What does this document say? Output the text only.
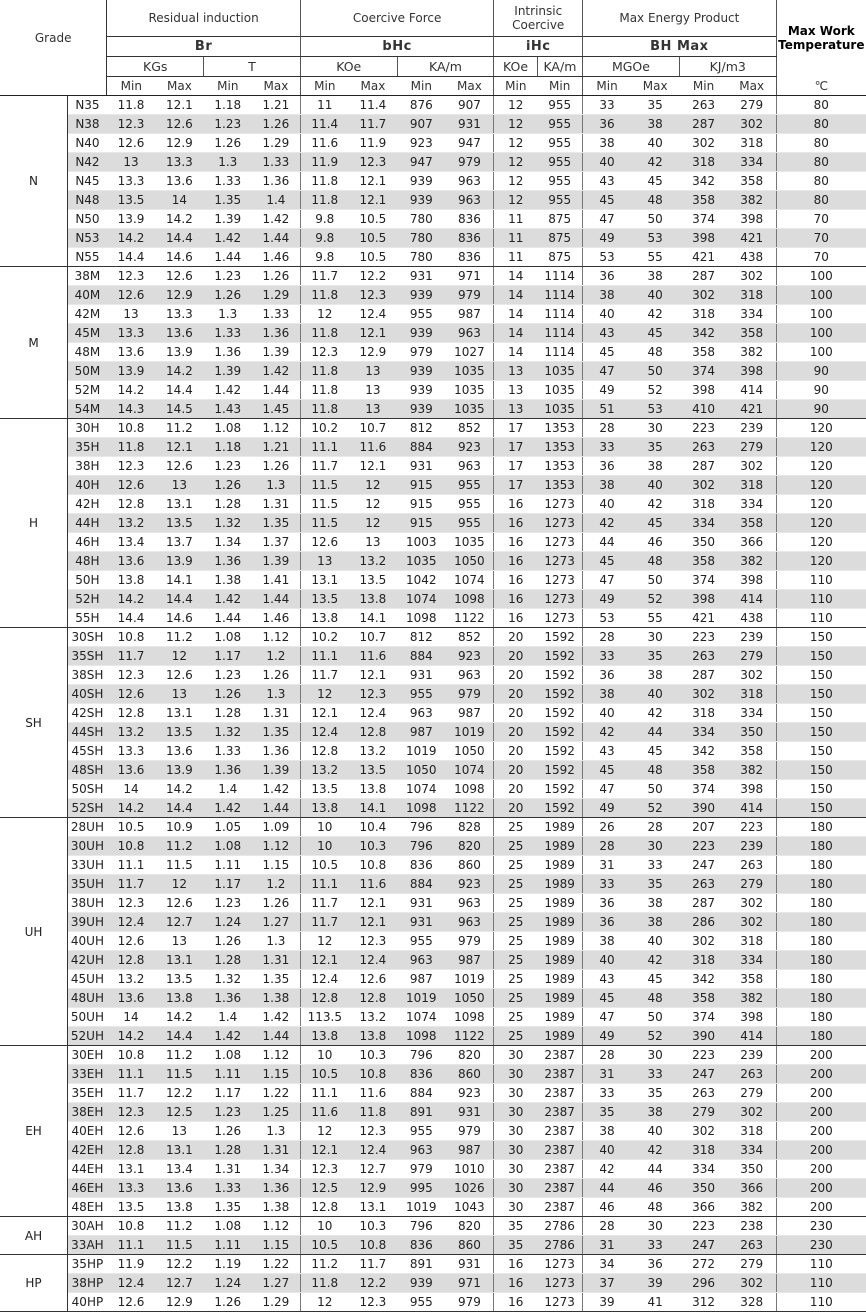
Grade		Residual induction				Coercive Force				Intrinsic Coercive		Max Energy Product				Max Work Temperature

		Br				bHc				iHc		BH Max				
		KGs		T		KOe		KA/m		KOe	KA/m	MGOe		KJ/m3		
		Min	Max	Min	Max	Min	Max	Min	Max	Min	Min	Min	Max	Min	Max	℃
N	N35	11.8	12.1	1.18	1.21	11	11.4	876	907	12	955	33	35	263	279	80
	N38	12.3	12.6	1.23	1.26	11.4	11.7	907	931	12	955	36	38	287	302	80
	N40	12.6	12.9	1.26	1.29	11.6	11.9	923	947	12	955	38	40	302	318	80
	N42	13	13.3	1.3	1.33	11.9	12.3	947	979	12	955	40	42	318	334	80
	N45	13.3	13.6	1.33	1.36	11.8	12.1	939	963	12	955	43	45	342	358	80
	N48	13.5	14	1.35	1.4	11.8	12.1	939	963	12	955	45	48	358	382	80
	N50	13.9	14.2	1.39	1.42	9.8	10.5	780	836	11	875	47	50	374	398	70
	N53	14.2	14.4	1.42	1.44	9.8	10.5	780	836	11	875	49	53	398	421	70
	N55	14.4	14.6	1.44	1.46	9.8	10.5	780	836	11	875	53	55	421	438	70
M	38M	12.3	12.6	1.23	1.26	11.7	12.2	931	971	14	1114	36	38	287	302	100
	40M	12.6	12.9	1.26	1.29	11.8	12.3	939	979	14	1114	38	40	302	318	100
	42M	13	13.3	1.3	1.33	12	12.4	955	987	14	1114	40	42	318	334	100
	45M	13.3	13.6	1.33	1.36	11.8	12.1	939	963	14	1114	43	45	342	358	100
	48M	13.6	13.9	1.36	1.39	12.3	12.9	979	1027	14	1114	45	48	358	382	100
	50M	13.9	14.2	1.39	1.42	11.8	13	939	1035	13	1035	47	50	374	398	90
	52M	14.2	14.4	1.42	1.44	11.8	13	939	1035	13	1035	49	52	398	414	90
	54M	14.3	14.5	1.43	1.45	11.8	13	939	1035	13	1035	51	53	410	421	90
H	30H	10.8	11.2	1.08	1.12	10.2	10.7	812	852	17	1353	28	30	223	239	120
	35H	11.8	12.1	1.18	1.21	11.1	11.6	884	923	17	1353	33	35	263	279	120
	38H	12.3	12.6	1.23	1.26	11.7	12.1	931	963	17	1353	36	38	287	302	120
	40H	12.6	13	1.26	1.3	11.5	12	915	955	17	1353	38	40	302	318	120
	42H	12.8	13.1	1.28	1.31	11.5	12	915	955	16	1273	40	42	318	334	120
	44H	13.2	13.5	1.32	1.35	11.5	12	915	955	16	1273	42	45	334	358	120
	46H	13.4	13.7	1.34	1.37	12.6	13	1003	1035	16	1273	44	46	350	366	120
	48H	13.6	13.9	1.36	1.39	13	13.2	1035	1050	16	1273	45	48	358	382	120
	50H	13.8	14.1	1.38	1.41	13.1	13.5	1042	1074	16	1273	47	50	374	398	110
	52H	14.2	14.4	1.42	1.44	13.5	13.8	1074	1098	16	1273	49	52	398	414	110
	55H	14.4	14.6	1.44	1.46	13.8	14.1	1098	1122	16	1273	53	55	421	438	110
SH	30SH	10.8	11.2	1.08	1.12	10.2	10.7	812	852	20	1592	28	30	223	239	150
	35SH	11.7	12	1.17	1.2	11.1	11.6	884	923	20	1592	33	35	263	279	150
	38SH	12.3	12.6	1.23	1.26	11.7	12.1	931	963	20	1592	36	38	287	302	150
	40SH	12.6	13	1.26	1.3	12	12.3	955	979	20	1592	38	40	302	318	150
	42SH	12.8	13.1	1.28	1.31	12.1	12.4	963	987	20	1592	40	42	318	334	150
	44SH	13.2	13.5	1.32	1.35	12.4	12.8	987	1019	20	1592	42	44	334	350	150
	45SH	13.3	13.6	1.33	1.36	12.8	13.2	1019	1050	20	1592	43	45	342	358	150
	48SH	13.6	13.9	1.36	1.39	13.2	13.5	1050	1074	20	1592	45	48	358	382	150
	50SH	14	14.2	1.4	1.42	13.5	13.8	1074	1098	20	1592	47	50	374	398	150
	52SH	14.2	14.4	1.42	1.44	13.8	14.1	1098	1122	20	1592	49	52	390	414	150
UH	28UH	10.5	10.9	1.05	1.09	10	10.4	796	828	25	1989	26	28	207	223	180
	30UH	10.8	11.2	1.08	1.12	10	10.3	796	820	25	1989	28	30	223	239	180
	33UH	11.1	11.5	1.11	1.15	10.5	10.8	836	860	25	1989	31	33	247	263	180
	35UH	11.7	12	1.17	1.2	11.1	11.6	884	923	25	1989	33	35	263	279	180
	38UH	12.3	12.6	1.23	1.26	11.7	12.1	931	963	25	1989	36	38	287	302	180
	39UH	12.4	12.7	1.24	1.27	11.7	12.1	931	963	25	1989	36	38	286	302	180
	40UH	12.6	13	1.26	1.3	12	12.3	955	979	25	1989	38	40	302	318	180
	42UH	12.8	13.1	1.28	1.31	12.1	12.4	963	987	25	1989	40	42	318	334	180
	45UH	13.2	13.5	1.32	1.35	12.4	12.6	987	1019	25	1989	43	45	342	358	180
	48UH	13.6	13.8	1.36	1.38	12.8	12.8	1019	1050	25	1989	45	48	358	382	180
	50UH	14	14.2	1.4	1.42	113.5	13.2	1074	1098	25	1989	47	50	374	398	180
	52UH	14.2	14.4	1.42	1.44	13.8	13.8	1098	1122	25	1989	49	52	390	414	180
EH	30EH	10.8	11.2	1.08	1.12	10	10.3	796	820	30	2387	28	30	223	239	200
	33EH	11.1	11.5	1.11	1.15	10.5	10.8	836	860	30	2387	31	33	247	263	200
	35EH	11.7	12.2	1.17	1.22	11.1	11.6	884	923	30	2387	33	35	263	279	200
	38EH	12.3	12.5	1.23	1.25	11.6	11.8	891	931	30	2387	35	38	279	302	200
	40EH	12.6	13	1.26	1.3	12	12.3	955	979	30	2387	38	40	302	318	200
	42EH	12.8	13.1	1.28	1.31	12.1	12.4	963	987	30	2387	40	42	318	334	200
	44EH	13.1	13.4	1.31	1.34	12.3	12.7	979	1010	30	2387	42	44	334	350	200
	46EH	13.3	13.6	1.33	1.36	12.5	12.9	995	1026	30	2387	44	46	350	366	200
	48EH	13.5	13.8	1.35	1.38	12.8	13.1	1019	1043	30	2387	46	48	366	382	200
AH	30AH	10.8	11.2	1.08	1.12	10	10.3	796	820	35	2786	28	30	223	238	230
	33AH	11.1	11.5	1.11	1.15	10.5	10.8	836	860	35	2786	31	33	247	263	230
HP	35HP	11.9	12.2	1.19	1.22	11.2	11.7	891	931	16	1273	34	36	272	279	110
	38HP	12.4	12.7	1.24	1.27	11.8	12.2	939	971	16	1273	37	39	296	302	110
	40HP	12.6	12.9	1.26	1.29	12	12.3	955	979	16	1273	39	41	312	328	110
